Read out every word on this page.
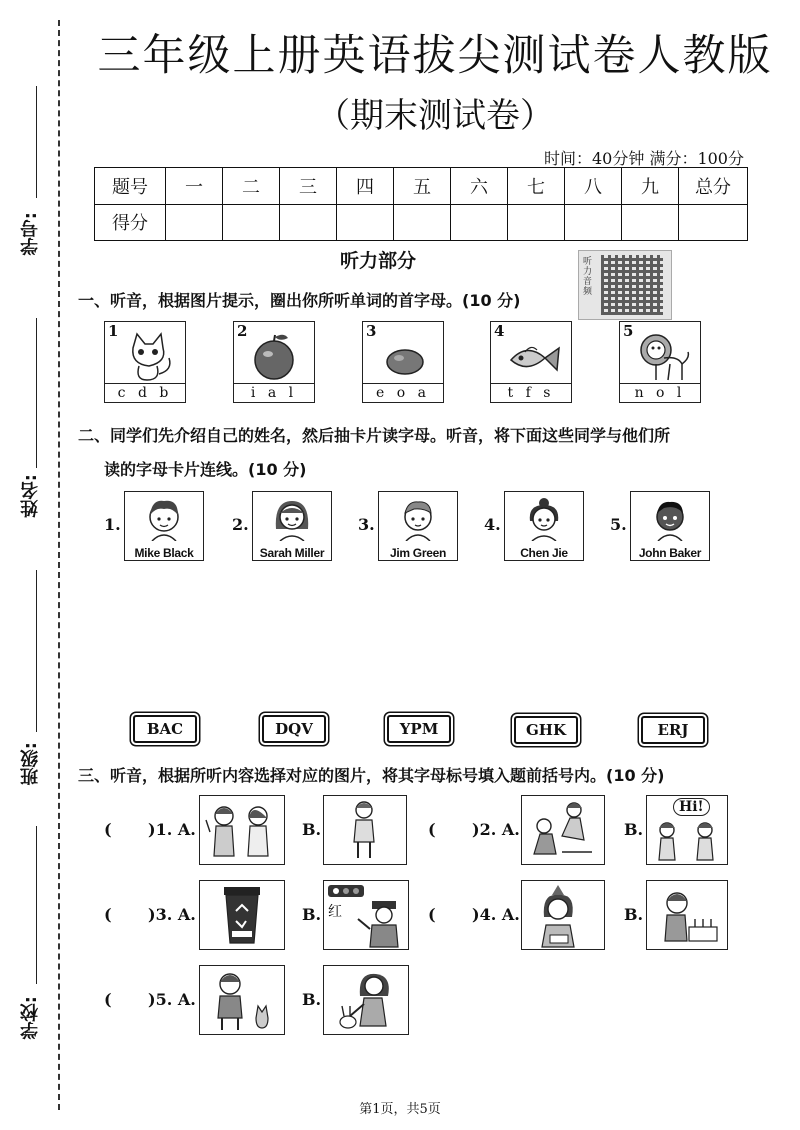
学号:
姓名:
班级:
学校:
三年级上册英语拔尖测试卷人教版
（期末测试卷）
时间：40分钟 满分：100分
题号	一	二	三	四	五	六	七	八	九	总分
得分										
听力部分	听力音频
一、听音，根据图片提示，圈出你所听单词的首字母。(10 分)
1
c d b
2
i a l
3
e o a
4
t f s
5
n o l
二、同学们先介绍自己的姓名，然后抽卡片读字母。听音，将下面这些同学与他们所
读的字母卡片连线。(10 分)
1.
Mike Black
2.
Sarah Miller
3.
Jim Green
4.
Chen Jie
5.
John Baker
BAC	DQV	YPM	GHK	ERJ
三、听音，根据所听内容选择对应的图片，将其字母标号填入题前括号内。(10 分)
( )1. A.	B.	( )2. A.	B.
Hi!
( )3. A.	B. 红	( )4. A.	B.
( )5. A.	B.
第1页，共5页
